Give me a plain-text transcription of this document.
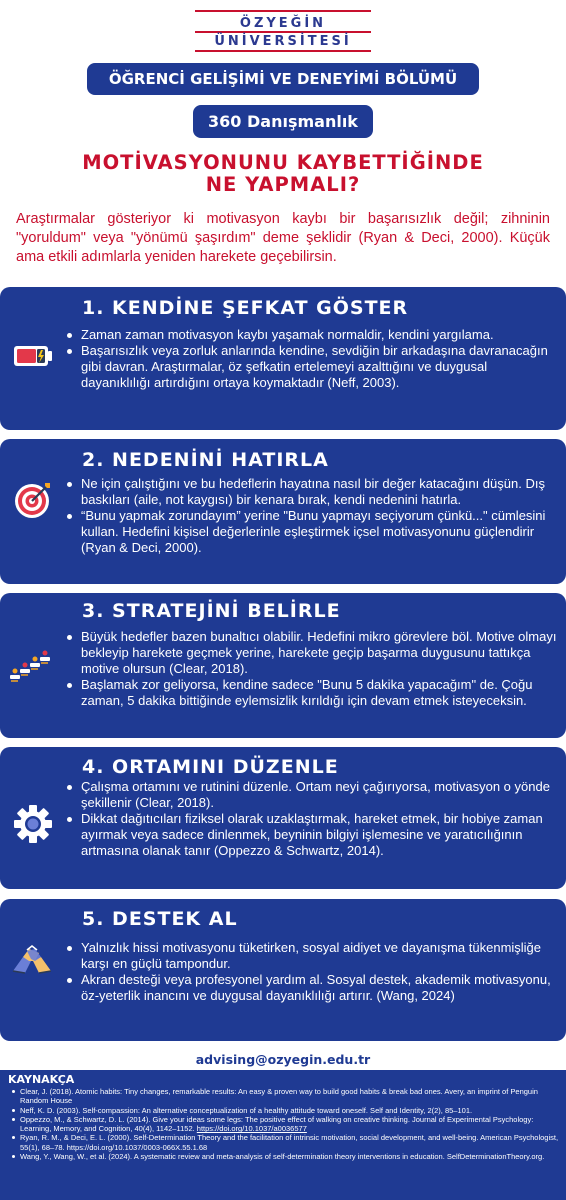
ÖZYEĞİN
ÜNİVERSİTESİ
ÖĞRENCİ GELİŞİMİ VE DENEYİMİ BÖLÜMÜ
360 Danışmanlık
MOTİVASYONUNU KAYBETTİĞİNDE
NE YAPMALI?
Araştırmalar gösteriyor ki motivasyon kaybı bir başarısızlık değil; zihninin "yoruldum" veya "yönümü şaşırdım" deme şeklidir (Ryan & Deci, 2000). Küçük ama etkili adımlarla yeniden harekete geçebilirsin.
1. KENDİNE ŞEFKAT GÖSTER
Zaman zaman motivasyon kaybı yaşamak normaldir, kendini yargılama.
Başarısızlık veya zorluk anlarında kendine, sevdiğin bir arkadaşına davranacağın gibi davran. Araştırmalar, öz şefkatin ertelemeyi azalttığını ve duygusal dayanıklılığı artırdığını ortaya koymaktadır (Neff, 2003).
2. NEDENİNİ HATIRLA
Ne için çalıştığını ve bu hedeflerin hayatına nasıl bir değer katacağını düşün. Dış baskıları (aile, not kaygısı) bir kenara bırak, kendi nedenini hatırla.
“Bunu yapmak zorundayım” yerine "Bunu yapmayı seçiyorum çünkü..." cümlesini kullan. Hedefini kişisel değerlerinle eşleştirmek içsel motivasyonunu güçlendirir (Ryan & Deci, 2000).
3. STRATEJİNİ BELİRLE
Büyük hedefler bazen bunaltıcı olabilir. Hedefini mikro görevlere böl. Motive olmayı bekleyip harekete geçmek yerine, harekete geçip başarma duygusunu tattıkça motive olursun (Clear, 2018).
Başlamak zor geliyorsa, kendine sadece "Bunu 5 dakika yapacağım" de. Çoğu zaman, 5 dakika bittiğinde eylemsizlik kırıldığı için devam etmek isteyeceksin.
4. ORTAMINI DÜZENLE
Çalışma ortamını ve rutinini düzenle. Ortam neyi çağırıyorsa, motivasyon o yönde şekillenir (Clear, 2018).
Dikkat dağıtıcıları fiziksel olarak uzaklaştırmak, hareket etmek, bir hobiye zaman ayırmak veya sadece dinlenmek, beyninin bilgiyi işlemesine ve yaratıcılığının artmasına olanak tanır (Oppezzo & Schwartz, 2014).
5. DESTEK AL
Yalnızlık hissi motivasyonu tüketirken, sosyal aidiyet ve dayanışma tükenmişliğe karşı en güçlü tampondur.
Akran desteği veya profesyonel yardım al. Sosyal destek, akademik motivasyonu, öz-yeterlik inancını ve duygusal dayanıklılığı artırır. (Wang, 2024)
advising@ozyegin.edu.tr
KAYNAKÇA
Clear, J. (2018). Atomic habits: Tiny changes, remarkable results: An easy & proven way to build good habits & break bad ones. Avery, an imprint of Penguin Random House
Neff, K. D. (2003). Self-compassion: An alternative conceptualization of a healthy attitude toward oneself. Self and Identity, 2(2), 85–101.
Oppezzo, M., & Schwartz, D. L. (2014). Give your ideas some legs: The positive effect of walking on creative thinking. Journal of Experimental Psychology: Learning, Memory, and Cognition, 40(4), 1142–1152. https://doi.org/10.1037/a0036577
Ryan, R. M., & Deci, E. L. (2000). Self-Determination Theory and the facilitation of intrinsic motivation, social development, and well-being. American Psychologist, 55(1), 68–78. https://doi.org/10.1037/0003-066X.55.1.68
Wang, Y., Wang, W., et al. (2024). A systematic review and meta-analysis of self-determination theory interventions in education. SelfDeterminationTheory.org.
